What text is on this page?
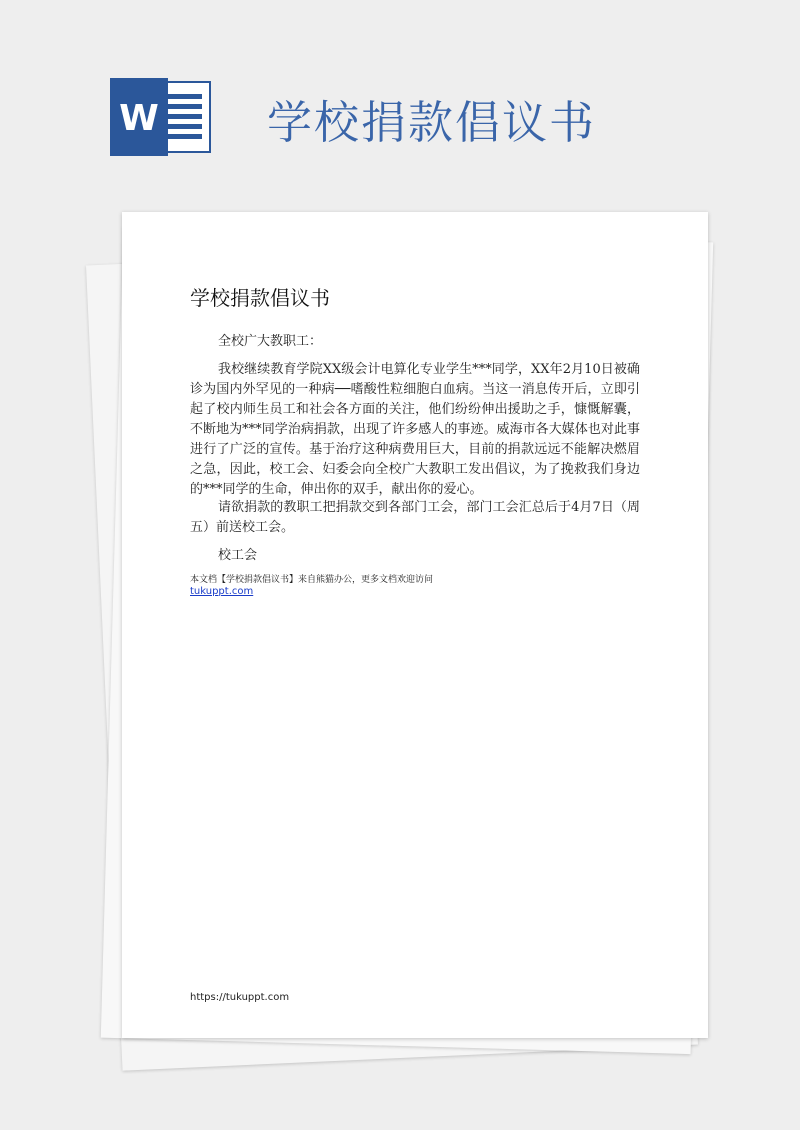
W 学校捐款倡议书
学校捐款倡议书
全校广大教职工：

我校继续教育学院XX级会计电算化专业学生***同学，XX年2月10日被确诊为国内外罕见的一种病──嗜酸性粒细胞白血病。当这一消息传开后，立即引起了校内师生员工和社会各方面的关注，他们纷纷伸出援助之手，慷慨解囊，不断地为***同学治病捐款，出现了许多感人的事迹。威海市各大媒体也对此事进行了广泛的宣传。基于治疗这种病费用巨大，目前的捐款远远不能解决燃眉之急，因此，校工会、妇委会向全校广大教职工发出倡议，为了挽救我们身边的***同学的生命，伸出你的双手，献出你的爱心。

请欲捐款的教职工把捐款交到各部门工会，部门工会汇总后于4月7日（周五）前送校工会。

校工会
本文档【学校捐款倡议书】来自熊猫办公，更多文档欢迎访问
tukuppt.com
https://tukuppt.com
